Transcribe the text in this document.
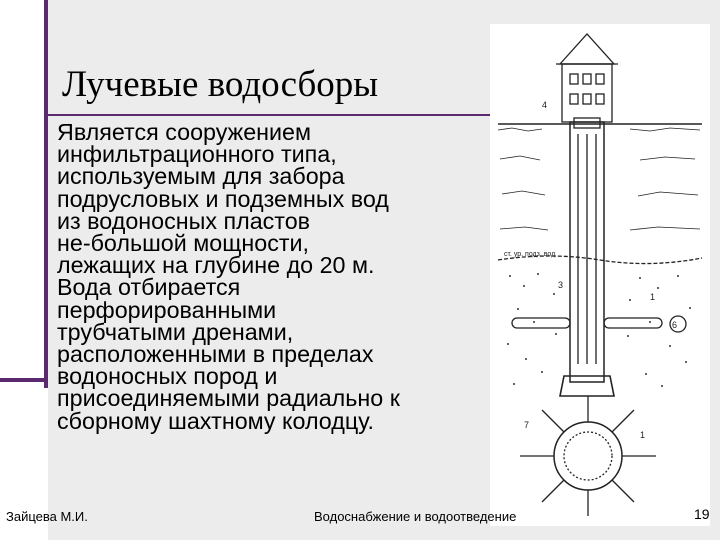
Лучевые водосборы
Является сооружением
инфильтрационного типа,
используемым для забора
подрусловых и подземных вод
из водоносных пластов
не-большой мощности,
лежащих на глубине до 20 м.
Вода отбирается
перфорированными
трубчатыми дренами,
расположенными в пределах
водоносных пород и
присоединяемыми радиально к
сборному шахтному колодцу.
ст. ур. подз. вод
4
3
1
6
7
1
Зайцева М.И.	Водоснабжение и водоотведение	19
